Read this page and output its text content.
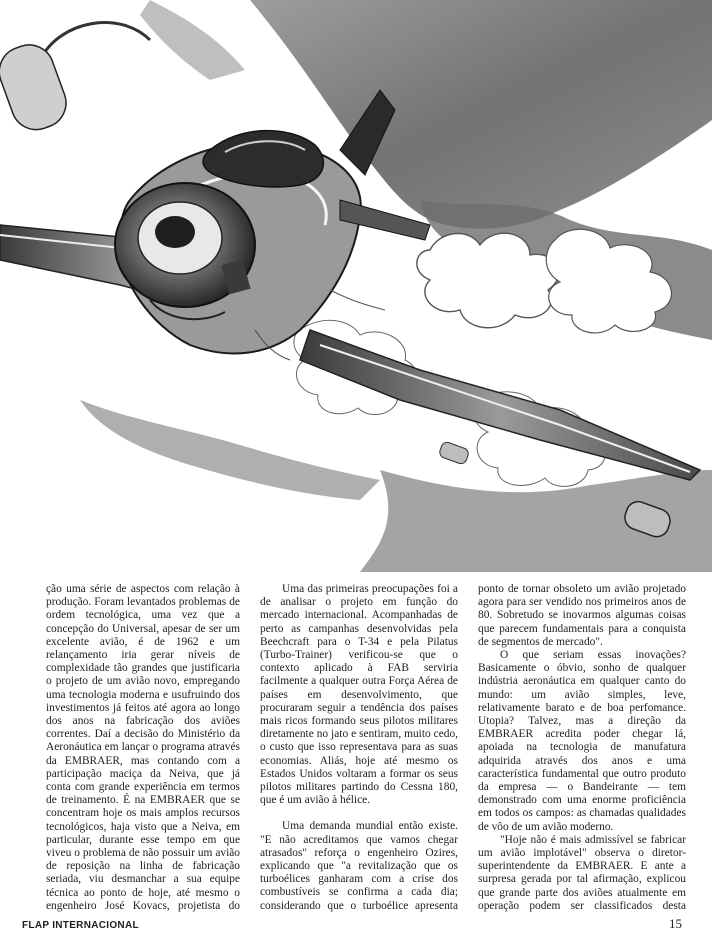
ção uma série de aspectos com relação à produção. Foram levantados problemas de ordem tecnológica, uma vez que a concepção do Universal, apesar de ser um excelente avião, é de 1962 e um relançamento iria gerar níveis de complexidade tão grandes que justificaria o projeto de um avião novo, empregando uma tecnologia moderna e usufruindo dos investimentos já feitos até agora ao longo dos anos na fabricação dos aviões correntes. Daí a decisão do Ministério da Aeronáutica em lançar o programa através da EMBRAER, mas contando com a participação maciça da Neiva, que já conta com grande experiência em termos de treinamento. É na EMBRAER que se concentram hoje os mais amplos recursos tecnológicos, haja visto que a Neiva, em particular, durante esse tempo em que viveu o problema de não possuir um avião de reposição na linha de fabricação seriada, viu desmanchar a sua equipe técnica ao ponto de hoje, até mesmo o engenheiro José Kovacs, projetista do

Uma das primeiras preocupações foi a de analisar o projeto em função do mercado internacional. Acompanhadas de perto as campanhas desenvolvidas pela Beechcraft para o T-34 e pela Pilatus (Turbo-Trainer) verificou-se que o contexto aplicado à FAB serviria facilmente a qualquer outra Força Aérea de países em desenvolvimento, que procuraram seguir a tendência dos países mais ricos formando seus pilotos militares diretamente no jato e sentiram, muito cedo, o custo que isso representava para as suas economias. Aliás, hoje até mesmo os Estados Unidos voltaram a formar os seus pilotos militares partindo do Cessna 180, que é um avião à hélice.

Uma demanda mundial então existe. "E não acreditamos que vamos chegar atrasados" reforça o engenheiro Ozires, explicando que "a revitalização que os turboélices ganharam com a crise dos combustíveis se confirma a cada dia; considerando que o turboélice apresenta

ponto de tornar obsoleto um avião projetado agora para ser vendido nos primeiros anos de 80. Sobretudo se inovarmos algumas coisas que parecem fundamentais para a conquista de segmentos de mercado".

O que seriam essas inovações? Basicamente o óbvio, sonho de qualquer indústria aeronáutica em qualquer canto do mundo: um avião simples, leve, relativamente barato e de boa perfomance. Utopia? Talvez, mas a direção da EMBRAER acredita poder chegar lá, apoiada na tecnologia de manufatura adquirida através dos anos e uma característica fundamental que outro produto da empresa — o Bandeirante — tem demonstrado com uma enorme proficiência em todos os campos: as chamadas qualidades de vôo de um avião moderno.

"Hoje não é mais admissível se fabricar um avião implotável" observa o diretor-superintendente da EMBRAER. E ante a surpresa gerada por tal afirmação, explicou que grande parte dos aviões atualmente em operação podem ser classificados desta

FLAP INTERNACIONAL	15
